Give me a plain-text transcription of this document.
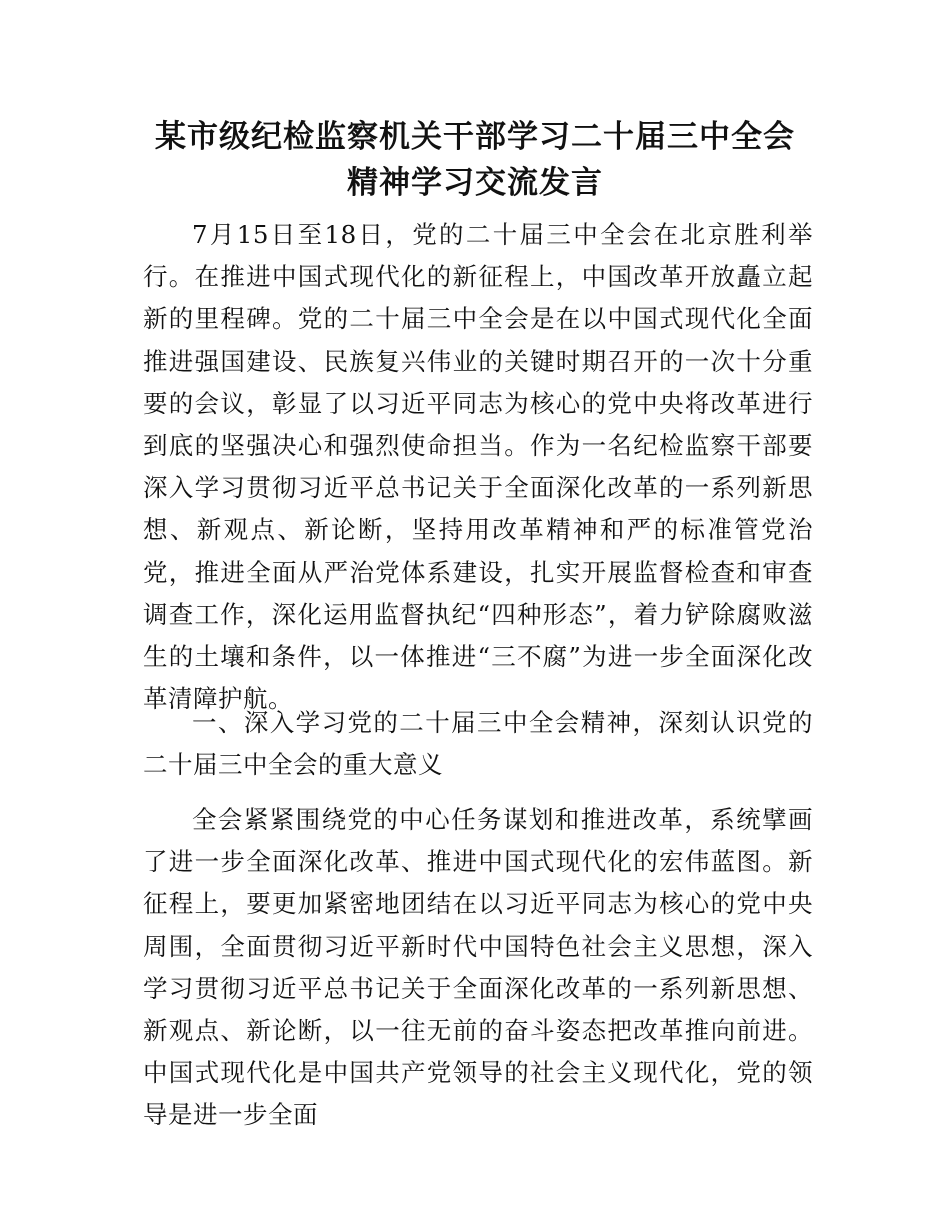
某市级纪检监察机关干部学习二十届三中全会
精神学习交流发言

7月15日至18日，党的二十届三中全会在北京胜利举行。在推进中国式现代化的新征程上，中国改革开放矗立起新的里程碑。党的二十届三中全会是在以中国式现代化全面推进强国建设、民族复兴伟业的关键时期召开的一次十分重要的会议，彰显了以习近平同志为核心的党中央将改革进行到底的坚强决心和强烈使命担当。作为一名纪检监察干部要深入学习贯彻习近平总书记关于全面深化改革的一系列新思想、新观点、新论断，坚持用改革精神和严的标准管党治党，推进全面从严治党体系建设，扎实开展监督检查和审查调查工作，深化运用监督执纪“四种形态”，着力铲除腐败滋生的土壤和条件，以一体推进“三不腐”为进一步全面深化改革清障护航。

一、深入学习党的二十届三中全会精神，深刻认识党的二十届三中全会的重大意义

全会紧紧围绕党的中心任务谋划和推进改革，系统擘画了进一步全面深化改革、推进中国式现代化的宏伟蓝图。新征程上，要更加紧密地团结在以习近平同志为核心的党中央周围，全面贯彻习近平新时代中国特色社会主义思想，深入学习贯彻习近平总书记关于全面深化改革的一系列新思想、新观点、新论断，以一往无前的奋斗姿态把改革推向前进。中国式现代化是中国共产党领导的社会主义现代化，党的领导是进一步全面
